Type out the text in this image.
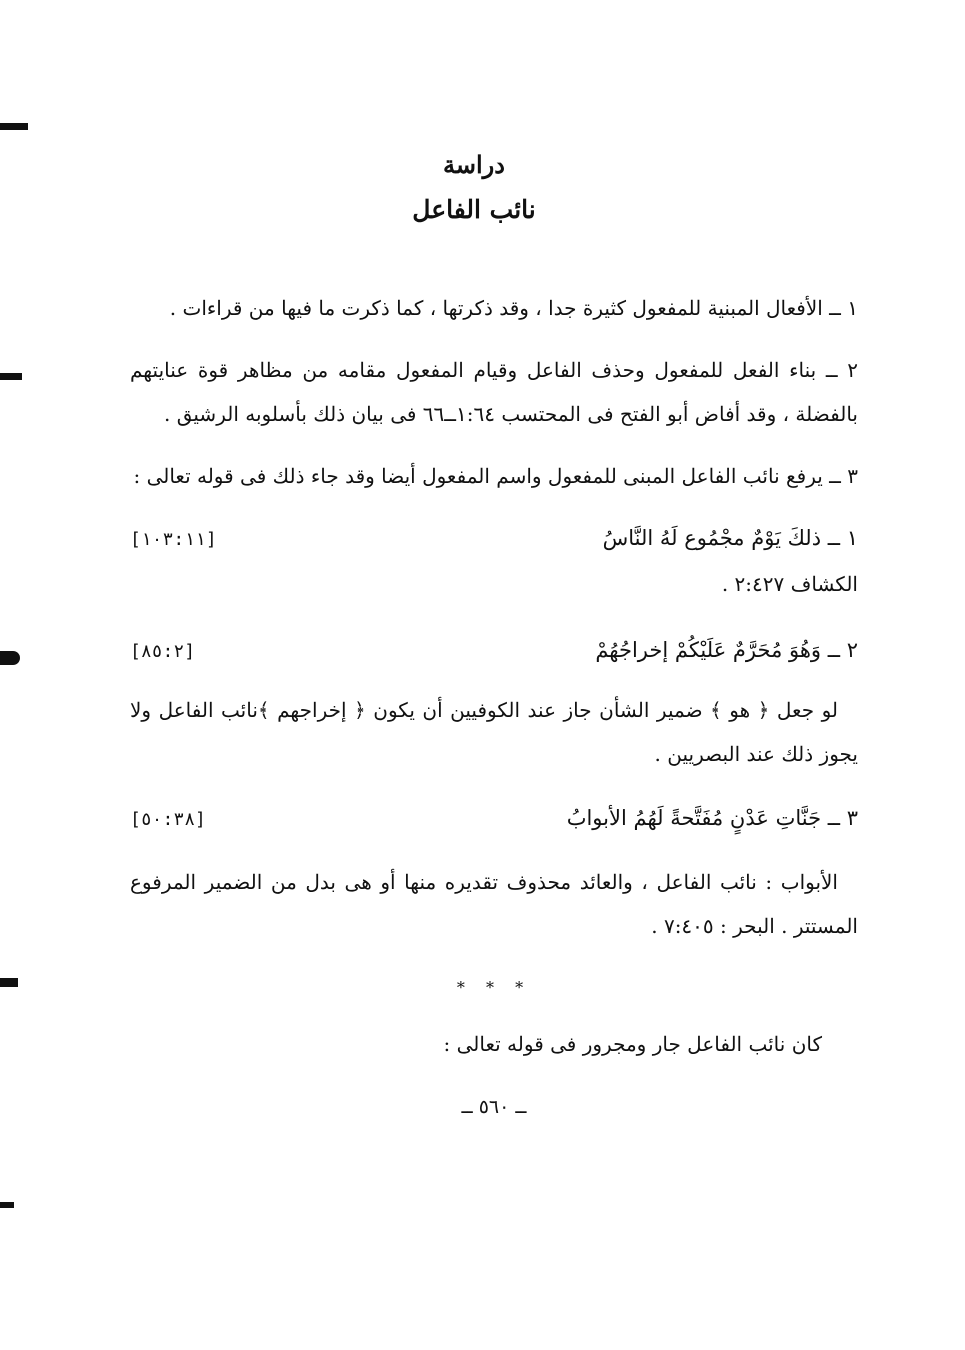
دراسة
نائب الفاعل

١ ــ الأفعال المبنية للمفعول كثيرة جدا ، وقد ذكرتها ، كما ذكرت ما فيها من قراءات .

٢ ــ بناء الفعل للمفعول وحذف الفاعل وقيام المفعول مقامه من مظاهر قوة عنايتهم بالفضلة ، وقد أفاض أبو الفتح فى المحتسب ١:٦٤ــ٦٦ فى بيان ذلك بأسلوبه الرشيق .

٣ ــ يرفع نائب الفاعل المبنى للمفعول واسم المفعول أيضا وقد جاء ذلك فى قوله تعالى :

١ ــ ذلكَ يَوْمٌ مجْمُوع لَهُ النَّاسُ
[١٠٣:١١]

الكشاف ٢:٤٢٧ .

٢ ــ وَهُوَ مُحَرَّمٌ عَلَيْكُمْ إخراجُهُمْ
[٨٥:٢]

لو جعل ﴿ هو ﴾ ضمير الشأن جاز عند الكوفيين أن يكون ﴿ إخراجهم ﴾نائب الفاعل ولا يجوز ذلك عند البصريين .

٣ ــ جَنَّاتِ عَدْنٍ مُفَتَّحةً لَهُمُ الأبوابُ
[٥٠:٣٨]

الأبواب : نائب الفاعل ، والعائد محذوف تقديره منها أو هى بدل من الضمير المرفوع المستتر . البحر : ٧:٤٠٥ .

* * *

كان نائب الفاعل جار ومجرور فى قوله تعالى :

ــ ٥٦٠ ــ
